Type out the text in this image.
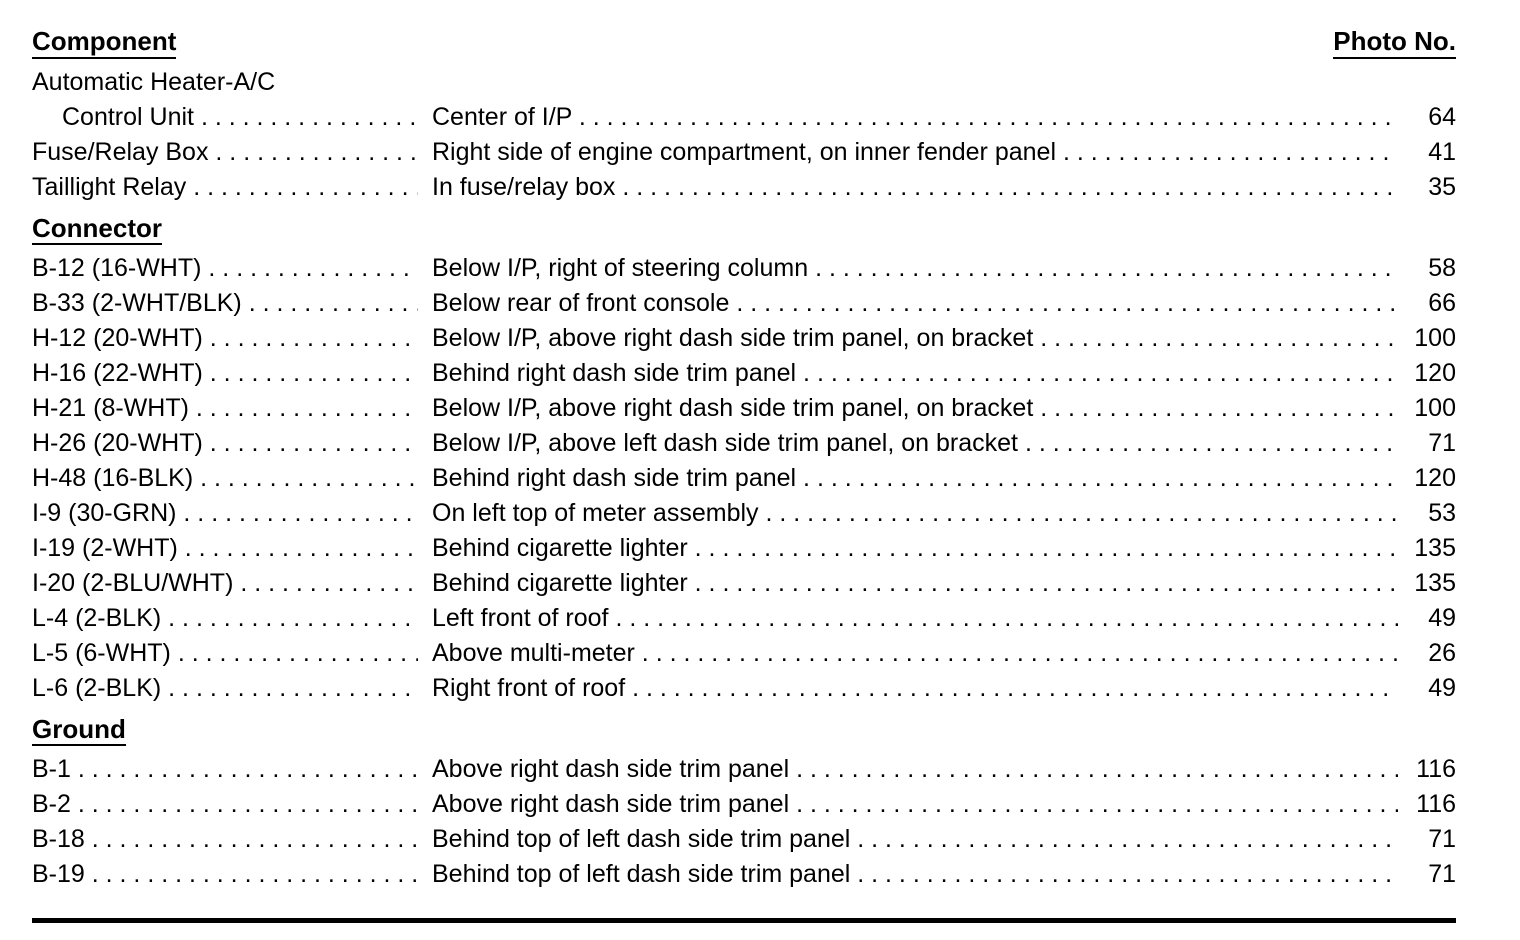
Component	Photo No.
Automatic Heater-A/C
Control Unit . . .	Center of I/P . . .	64
Fuse/Relay Box . . .	Right side of engine compartment, on inner fender panel . . .	41
Taillight Relay . . .	In fuse/relay box . . .	35
Connector
B-12 (16-WHT) . . .	Below I/P, right of steering column . . .	58
B-33 (2-WHT/BLK) . . .	Below rear of front console . . .	66
H-12 (20-WHT) . . .	Below I/P, above right dash side trim panel, on bracket . . .	100
H-16 (22-WHT) . . .	Behind right dash side trim panel . . .	120
H-21 (8-WHT) . . .	Below I/P, above right dash side trim panel, on bracket . . .	100
H-26 (20-WHT) . . .	Below I/P, above left dash side trim panel, on bracket . . .	71
H-48 (16-BLK) . . .	Behind right dash side trim panel . . .	120
I-9 (30-GRN) . . .	On left top of meter assembly . . .	53
I-19 (2-WHT) . . .	Behind cigarette lighter . . .	135
I-20 (2-BLU/WHT) . . .	Behind cigarette lighter . . .	135
L-4 (2-BLK) . . .	Left front of roof . . .	49
L-5 (6-WHT) . . .	Above multi-meter . . .	26
L-6 (2-BLK) . . .	Right front of roof . . .	49
Ground
B-1 . . .	Above right dash side trim panel . . .	116
B-2 . . .	Above right dash side trim panel . . .	116
B-18 . . .	Behind top of left dash side trim panel . . .	71
B-19 . . .	Behind top of left dash side trim panel . . .	71
